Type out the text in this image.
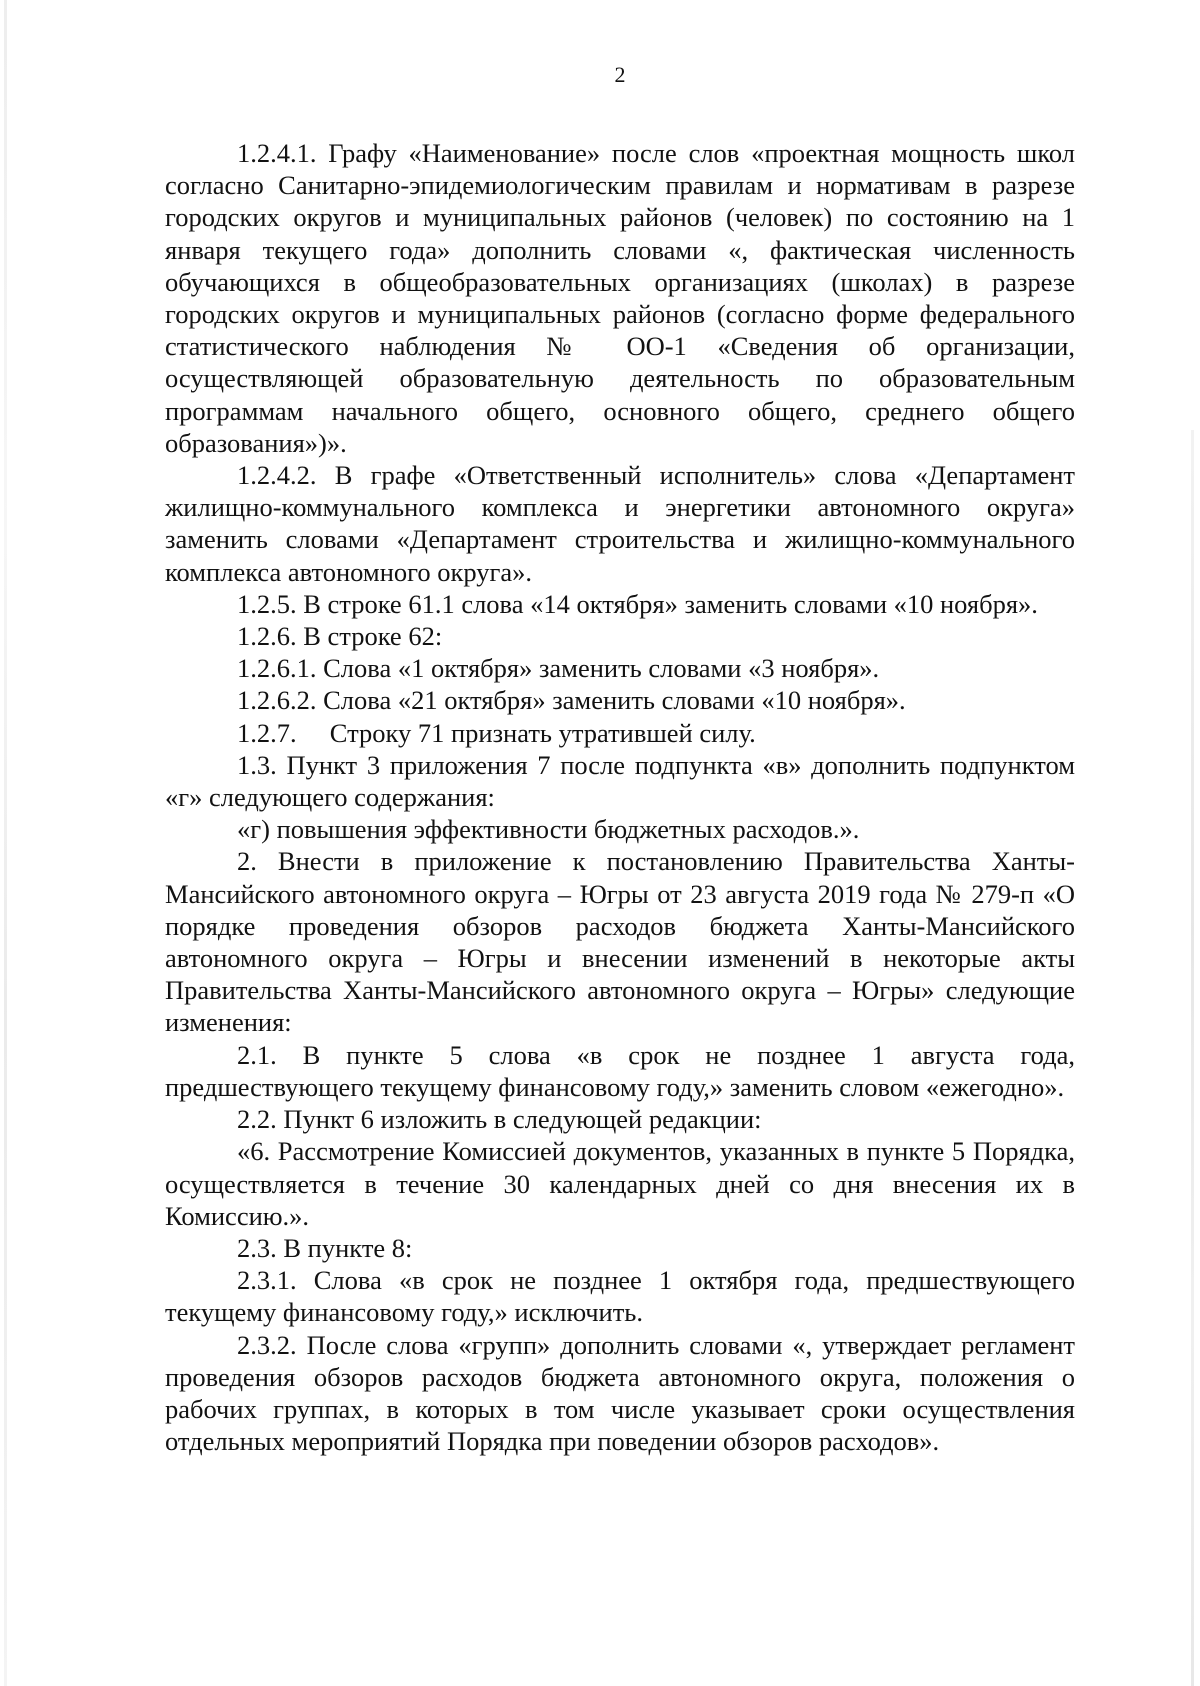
2

1.2.4.1. Графу «Наименование» после слов «проектная мощность школ согласно Санитарно-эпидемиологическим правилам и нормативам в разрезе городских округов и муниципальных районов (человек) по состоянию на 1 января текущего года» дополнить словами «, фактическая численность обучающихся в общеобразовательных организациях (школах) в разрезе городских округов и муниципальных районов (согласно форме федерального статистического наблюдения № ОО-1 «Сведения об организации, осуществляющей образовательную деятельность по образовательным программам начального общего, основного общего, среднего общего образования»)».

1.2.4.2. В графе «Ответственный исполнитель» слова «Департамент жилищно-коммунального комплекса и энергетики автономного округа» заменить словами «Департамент строительства и жилищно-коммунального комплекса автономного округа».

1.2.5. В строке 61.1 слова «14 октября» заменить словами «10 ноября».

1.2.6. В строке 62:

1.2.6.1. Слова «1 октября» заменить словами «3 ноября».

1.2.6.2. Слова «21 октября» заменить словами «10 ноября».

1.2.7.     Строку 71 признать утратившей силу.

1.3. Пункт 3 приложения 7 после подпункта «в» дополнить подпунктом «г» следующего содержания:

«г) повышения эффективности бюджетных расходов.».

2. Внести в приложение к постановлению Правительства Ханты-Мансийского автономного округа – Югры от 23 августа 2019 года № 279-п «О порядке проведения обзоров расходов бюджета Ханты-Мансийского автономного округа – Югры и внесении изменений в некоторые акты Правительства Ханты-Мансийского автономного округа – Югры» следующие изменения:

2.1. В пункте 5 слова «в срок не позднее 1 августа года, предшествующего текущему финансовому году,» заменить словом «ежегодно».

2.2. Пункт 6 изложить в следующей редакции:

«6. Рассмотрение Комиссией документов, указанных в пункте 5 Порядка, осуществляется в течение 30 календарных дней со дня внесения их в Комиссию.».

2.3. В пункте 8:

2.3.1. Слова «в срок не позднее 1 октября года, предшествующего текущему финансовому году,» исключить.

2.3.2. После слова «групп» дополнить словами «, утверждает регламент проведения обзоров расходов бюджета автономного округа, положения о рабочих группах, в которых в том числе указывает сроки осуществления отдельных мероприятий Порядка при поведении обзоров расходов».
